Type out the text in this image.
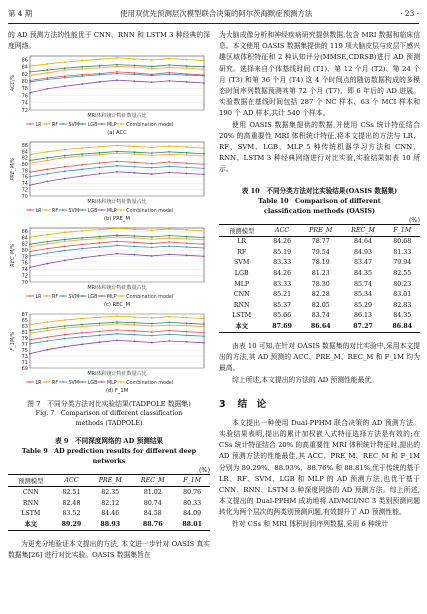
第 4 期	使用双优先预测层次模型联合决策的阿尔茨海默症预测方法	· 23 ·

的 AD 预测方法的性能优于 CNN、RNN 和 LSTM 3 种经典的深度网络。

72
74
76
78
80
82
84
86
ACC/%
MRI体积统计特征数量占比
LR RF SVM LGB MLP Combination model
(a) ACC
70
72
74
76
78
80
82
84
86
PRE_M/%
MRI体积统计特征数量占比
LR RF SVM LGB MLP Combination model
(b) PRE_M
70
72
74
76
78
80
82
84
86
REC_M/%
MRI体积统计特征数量占比
LR RF SVM LGB MLP Combination model
(c) REC_M
69
71
73
75
77
79
81
83
85
87
F_1M/%
MRI体积统计特征数量占比
LR RF SVM LGB MLP Combination model
(d) F_1M
图 7　不同分类方法对比实验结果(TADPOLE 数据集)
Fig. 7　Comparison of different classification
methods (TADPOLE)
表 9　不同深度网络的 AD 预测结果
Table 9　AD prediction results for different deep networks
(%)
预测模型	ACC	PRE_M	REC_M	F_1M
CNN	82.51	82.35	81.02	80.76
RNN	82.48	82.12	80.74	80.33
LSTM	83.52	84.46	84.58	84.09
本文	89.29	88.93	88.76	88.01

为更充分地验证本文提出的方法, 本文进一步针对 OASIS 真实数据集[26] 进行对比实验。OASIS 数据集旨在

为大脑成像分析和神经疾病研究提供数据,包含 MRI 数据和临床信息。本文使用 OASIS 数据集提供的 119 项大脑皮层与皮层下感兴趣区域体积特征和 2 种认知评分(MMSE,CDRSB)进行 AD 预测研究。选择来自个体基线时间 (T1)、第 12 个月 (T2)、第 24 个月 (T3) 和第 36 个月 (T4) 这 4 个时间点的随访数据构成的多模态时间序列数据预测其第 72 个月 (T7)、即 6 年后的 AD 进展。实验数据在基线时间包括 287 个 NC 样本、63 个 MCI 样本和 190 个 AD 样本,共计 540 个样本。

使用 OASIS 数据集提供的数据,并使用 CSs 统计特征结合 20% 的高重要性 MRI 体积统计特征,将本文提出的方法与 LR、RF、SVM、LGB、MLP 5 种传统机器学习方法和 CNN、RNN、LSTM 3 种经典网络进行对比实验,实验结果如表 10 所示。

表 10　不同分类方法对比实验结果(OASIS 数据集)
Table 10　Comparison of different
classification methods (OASIS)
(%)
预测模型	ACC	PRE_M	REC_M	F_1M
LR	84.26	78.77	84.64	80.68
RF	85.19	79.54	84.93	81.33
SVM	83.33	78.19	83.47	79.94
LGB	84.26	81.23	84.35	82.55
MLP	83.33	78.30	85.74	80.23
CNN	85.21	82.28	85.34	83.01
RNN	85.37	82.05	85.29	82.83
LSTM	85.66	83.74	86.13	84.35
本文	87.69	86.64	87.27	86.84

由表 10 可知,在针对 OASIS 数据集的对比实验中,采用本文提出的方法,其 AD 预测的 ACC、PRE_M、REC_M 和 F_1M 均为最高。

综上所述,本文提出的方法的 AD 预测性能最优。

3 结　论

本文提出一种使用 Dual-PPHM 联合决策的 AD 预测方法。实验结果表明,提出的累计加权嵌入式特征选择方法是有效的;在 CSs 统计特征结合 20% 的高重要性 MRI 体积统计特征时,提出的 AD 预测方法的性能最佳,其 ACC、PRE_M、REC_M 和 F_1M 分别为 89.29%、88.93%、88.76% 和 88.81%,优于传统的基于 LR、RF、SVM、LGB 和 MLP 的 AD 预测方法,也优于基于 CNN、RNN、LSTM 3 种深度网络的 AD 预测方法。综上所述,本文提出的 Dual-PPHM 成功地将 AD/MCI/NC 3 类别预测问题转化为两个层次的两类别预测问题,有效提升了 AD 预测性能。

针对 CSs 和 MRI 体积时间序列数据,采用 6 种统计
